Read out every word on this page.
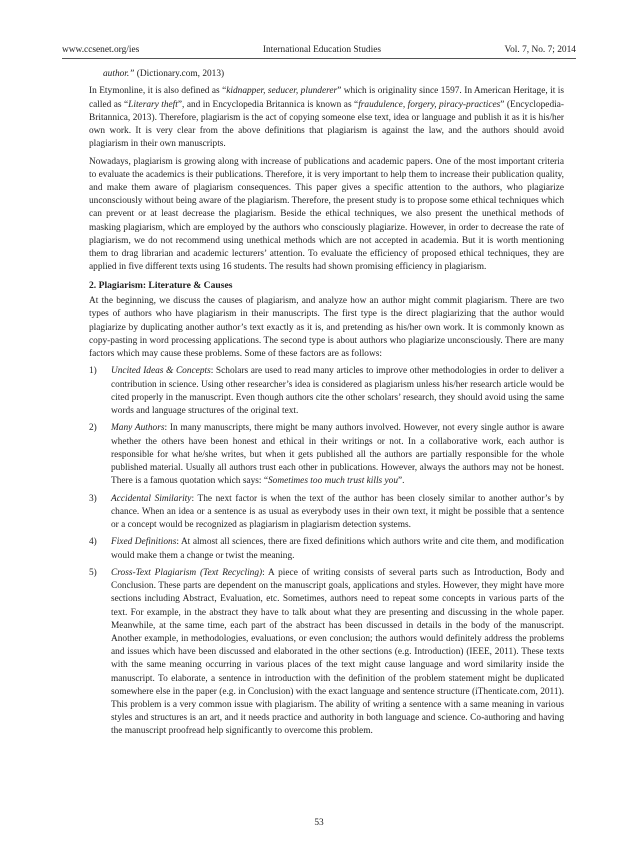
www.ccsenet.org/ies	International Education Studies	Vol. 7, No. 7; 2014

author.” (Dictionary.com, 2013)

In Etymonline, it is also defined as “kidnapper, seducer, plunderer” which is originality since 1597. In American Heritage, it is called as “Literary theft”, and in Encyclopedia Britannica is known as “fraudulence, forgery, piracy-practices” (Encyclopedia-Britannica, 2013). Therefore, plagiarism is the act of copying someone else text, idea or language and publish it as it is his/her own work. It is very clear from the above definitions that plagiarism is against the law, and the authors should avoid plagiarism in their own manuscripts.

Nowadays, plagiarism is growing along with increase of publications and academic papers. One of the most important criteria to evaluate the academics is their publications. Therefore, it is very important to help them to increase their publication quality, and make them aware of plagiarism consequences. This paper gives a specific attention to the authors, who plagiarize unconsciously without being aware of the plagiarism. Therefore, the present study is to propose some ethical techniques which can prevent or at least decrease the plagiarism. Beside the ethical techniques, we also present the unethical methods of masking plagiarism, which are employed by the authors who consciously plagiarize. However, in order to decrease the rate of plagiarism, we do not recommend using unethical methods which are not accepted in academia. But it is worth mentioning them to drag librarian and academic lecturers’ attention. To evaluate the efficiency of proposed ethical techniques, they are applied in five different texts using 16 students. The results had shown promising efficiency in plagiarism.

2. Plagiarism: Literature & Causes

At the beginning, we discuss the causes of plagiarism, and analyze how an author might commit plagiarism. There are two types of authors who have plagiarism in their manuscripts. The first type is the direct plagiarizing that the author would plagiarize by duplicating another author’s text exactly as it is, and pretending as his/her own work. It is commonly known as copy-pasting in word processing applications. The second type is about authors who plagiarize unconsciously. There are many factors which may cause these problems. Some of these factors are as follows:

1)	Uncited Ideas & Concepts: Scholars are used to read many articles to improve other methodologies in order to deliver a contribution in science. Using other researcher’s idea is considered as plagiarism unless his/her research article would be cited properly in the manuscript. Even though authors cite the other scholars’ research, they should avoid using the same words and language structures of the original text.
2)	Many Authors: In many manuscripts, there might be many authors involved. However, not every single author is aware whether the others have been honest and ethical in their writings or not. In a collaborative work, each author is responsible for what he/she writes, but when it gets published all the authors are partially responsible for the whole published material. Usually all authors trust each other in publications. However, always the authors may not be honest. There is a famous quotation which says: “Sometimes too much trust kills you”.
3)	Accidental Similarity: The next factor is when the text of the author has been closely similar to another author’s by chance. When an idea or a sentence is as usual as everybody uses in their own text, it might be possible that a sentence or a concept would be recognized as plagiarism in plagiarism detection systems.
4)	Fixed Definitions: At almost all sciences, there are fixed definitions which authors write and cite them, and modification would make them a change or twist the meaning.
5)	Cross-Text Plagiarism (Text Recycling): A piece of writing consists of several parts such as Introduction, Body and Conclusion. These parts are dependent on the manuscript goals, applications and styles. However, they might have more sections including Abstract, Evaluation, etc. Sometimes, authors need to repeat some concepts in various parts of the text. For example, in the abstract they have to talk about what they are presenting and discussing in the whole paper. Meanwhile, at the same time, each part of the abstract has been discussed in details in the body of the manuscript. Another example, in methodologies, evaluations, or even conclusion; the authors would definitely address the problems and issues which have been discussed and elaborated in the other sections (e.g. Introduction) (IEEE, 2011). These texts with the same meaning occurring in various places of the text might cause language and word similarity inside the manuscript. To elaborate, a sentence in introduction with the definition of the problem statement might be duplicated somewhere else in the paper (e.g. in Conclusion) with the exact language and sentence structure (iThenticate.com, 2011). This problem is a very common issue with plagiarism. The ability of writing a sentence with a same meaning in various styles and structures is an art, and it needs practice and authority in both language and science. Co-authoring and having the manuscript proofread help significantly to overcome this problem.
53
